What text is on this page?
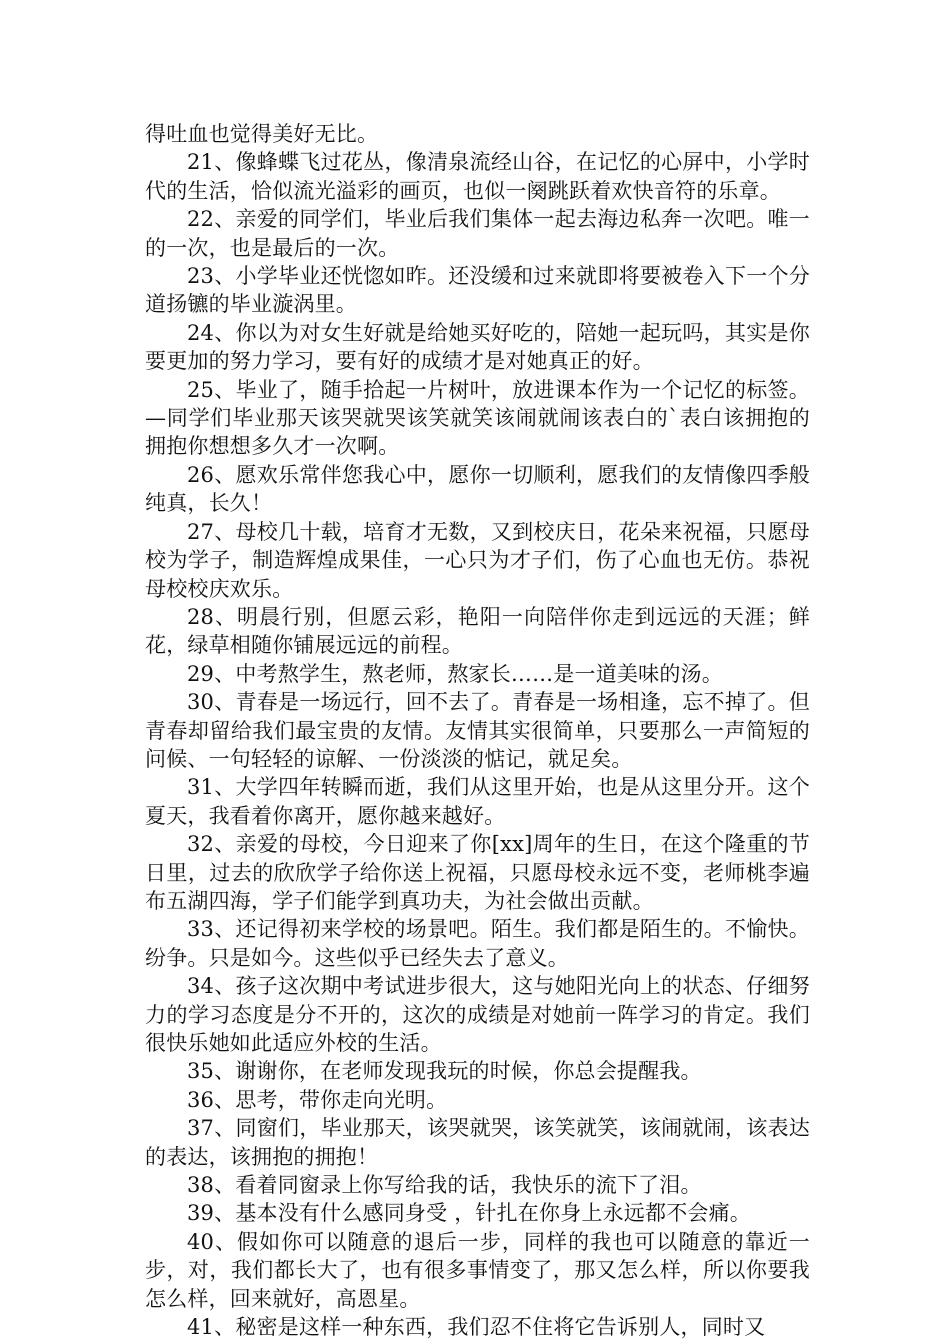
得吐血也觉得美好无比。

21、像蜂蝶飞过花丛，像清泉流经山谷，在记忆的心屏中，小学时代的生活，恰似流光溢彩的画页，也似一阕跳跃着欢快音符的乐章。

22、亲爱的同学们，毕业后我们集体一起去海边私奔一次吧。唯一的一次，也是最后的一次。

23、小学毕业还恍惚如昨。还没缓和过来就即将要被卷入下一个分道扬镳的毕业漩涡里。

24、你以为对女生好就是给她买好吃的，陪她一起玩吗，其实是你要更加的努力学习，要有好的成绩才是对她真正的好。

25、毕业了，随手拾起一片树叶，放进课本作为一个记忆的标签。—同学们毕业那天该哭就哭该笑就笑该闹就闹该表白的`表白该拥抱的拥抱你想想多久才一次啊。

26、愿欢乐常伴您我心中，愿你一切顺利，愿我们的友情像四季般纯真，长久！

27、母校几十载，培育才无数，又到校庆日，花朵来祝福，只愿母校为学子，制造辉煌成果佳，一心只为才子们，伤了心血也无仿。恭祝母校校庆欢乐。

28、明晨行别，但愿云彩，艳阳一向陪伴你走到远远的天涯；鲜花，绿草相随你铺展远远的前程。

29、中考熬学生，熬老师，熬家长……是一道美味的汤。

30、青春是一场远行，回不去了。青春是一场相逢，忘不掉了。但青春却留给我们最宝贵的友情。友情其实很简单，只要那么一声简短的问候、一句轻轻的谅解、一份淡淡的惦记，就足矣。

31、大学四年转瞬而逝，我们从这里开始，也是从这里分开。这个夏天，我看着你离开，愿你越来越好。

32、亲爱的母校，今日迎来了你[xx]周年的生日，在这个隆重的节日里，过去的欣欣学子给你送上祝福，只愿母校永远不变，老师桃李遍布五湖四海，学子们能学到真功夫，为社会做出贡献。

33、还记得初来学校的场景吧。陌生。我们都是陌生的。不愉快。纷争。只是如今。这些似乎已经失去了意义。

34、孩子这次期中考试进步很大，这与她阳光向上的状态、仔细努力的学习态度是分不开的，这次的成绩是对她前一阵学习的肯定。我们很快乐她如此适应外校的生活。

35、谢谢你，在老师发现我玩的时候，你总会提醒我。

36、思考，带你走向光明。

37、同窗们，毕业那天，该哭就哭，该笑就笑，该闹就闹，该表达的表达，该拥抱的拥抱！

38、看着同窗录上你写给我的话，我快乐的流下了泪。

39、基本没有什么感同身受 ，针扎在你身上永远都不会痛。

40、假如你可以随意的退后一步，同样的我也可以随意的靠近一步，对，我们都长大了，也有很多事情变了，那又怎么样，所以你要我怎么样，回来就好，高恩星。

41、秘密是这样一种东西，我们忍不住将它告诉别人，同时又
